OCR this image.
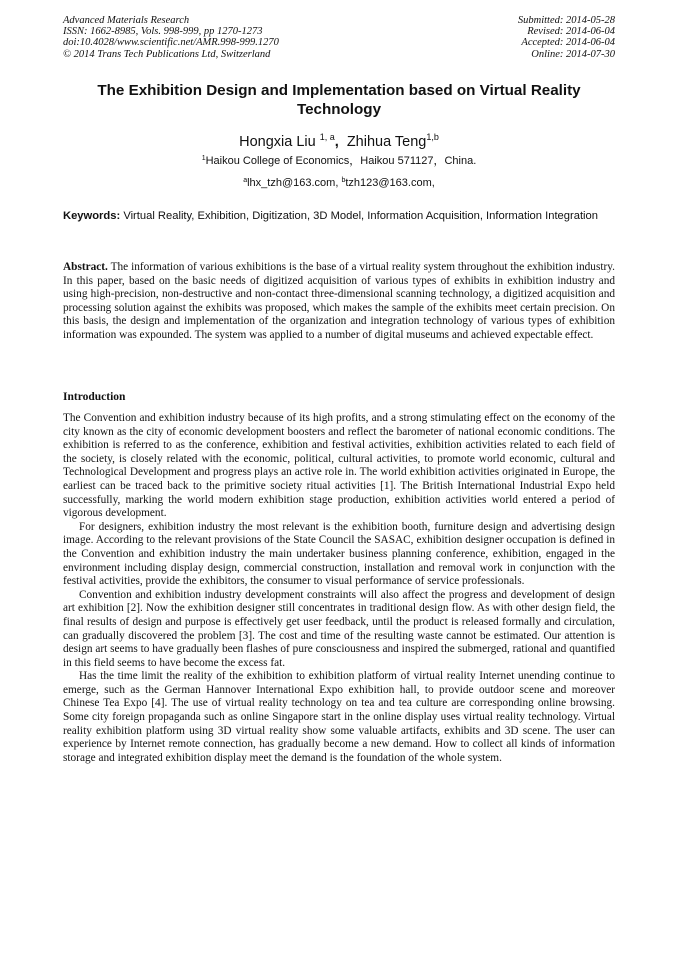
Advanced Materials Research
ISSN: 1662-8985, Vols. 998-999, pp 1270-1273
doi:10.4028/www.scientific.net/AMR.998-999.1270
© 2014 Trans Tech Publications Ltd, Switzerland
Submitted: 2014-05-28
Revised: 2014-06-04
Accepted: 2014-06-04
Online: 2014-07-30
The Exhibition Design and Implementation based on Virtual Reality Technology
Hongxia Liu $^{1, a}$, Zhihua Teng$^{1,b}$
$^1$Haikou College of Economics，Haikou 571127，China.
$^a$lhx_tzh@163.com, $^b$tzh123@163.com,
Keywords: Virtual Reality, Exhibition, Digitization, 3D Model, Information Acquisition, Information Integration

Abstract. The information of various exhibitions is the base of a virtual reality system throughout the exhibition industry. In this paper, based on the basic needs of digitized acquisition of various types of exhibits in exhibition industry and using high-precision, non-destructive and non-contact three-dimensional scanning technology, a digitized acquisition and processing solution against the exhibits was proposed, which makes the sample of the exhibits meet certain precision. On this basis, the design and implementation of the organization and integration technology of various types of exhibition information was expounded. The system was applied to a number of digital museums and achieved expectable effect.

Introduction

The Convention and exhibition industry because of its high profits, and a strong stimulating effect on the economy of the city known as the city of economic development boosters and reflect the barometer of national economic conditions. The exhibition is referred to as the conference, exhibition and festival activities, exhibition activities related to each field of the society, is closely related with the economic, political, cultural activities, to promote world economic, cultural and Technological Development and progress plays an active role in. The world exhibition activities originated in Europe, the earliest can be traced back to the primitive society ritual activities [1]. The British International Industrial Expo held successfully, marking the world modern exhibition stage production, exhibition activities world entered a period of vigorous development.

For designers, exhibition industry the most relevant is the exhibition booth, furniture design and advertising design image. According to the relevant provisions of the State Council the SASAC, exhibition designer occupation is defined in the Convention and exhibition industry the main undertaker business planning conference, exhibition, engaged in the environment including display design, commercial construction, installation and removal work in conjunction with the festival activities, provide the exhibitors, the consumer to visual performance of service professionals.

Convention and exhibition industry development constraints will also affect the progress and development of design art exhibition [2]. Now the exhibition designer still concentrates in traditional design flow. As with other design field, the final results of design and purpose is effectively get user feedback, until the product is released formally and circulation, can gradually discovered the problem [3]. The cost and time of the resulting waste cannot be estimated. Our attention is design art seems to have gradually been flashes of pure consciousness and inspired the submerged, rational and quantified in this field seems to have become the excess fat.

Has the time limit the reality of the exhibition to exhibition platform of virtual reality Internet unending continue to emerge, such as the German Hannover International Expo exhibition hall, to provide outdoor scene and moreover Chinese Tea Expo [4]. The use of virtual reality technology on tea and tea culture are corresponding online browsing. Some city foreign propaganda such as online Singapore start in the online display uses virtual reality technology. Virtual reality exhibition platform using 3D virtual reality show some valuable artifacts, exhibits and 3D scene. The user can experience by Internet remote connection, has gradually become a new demand. How to collect all kinds of information storage and integrated exhibition display meet the demand is the foundation of the whole system.
